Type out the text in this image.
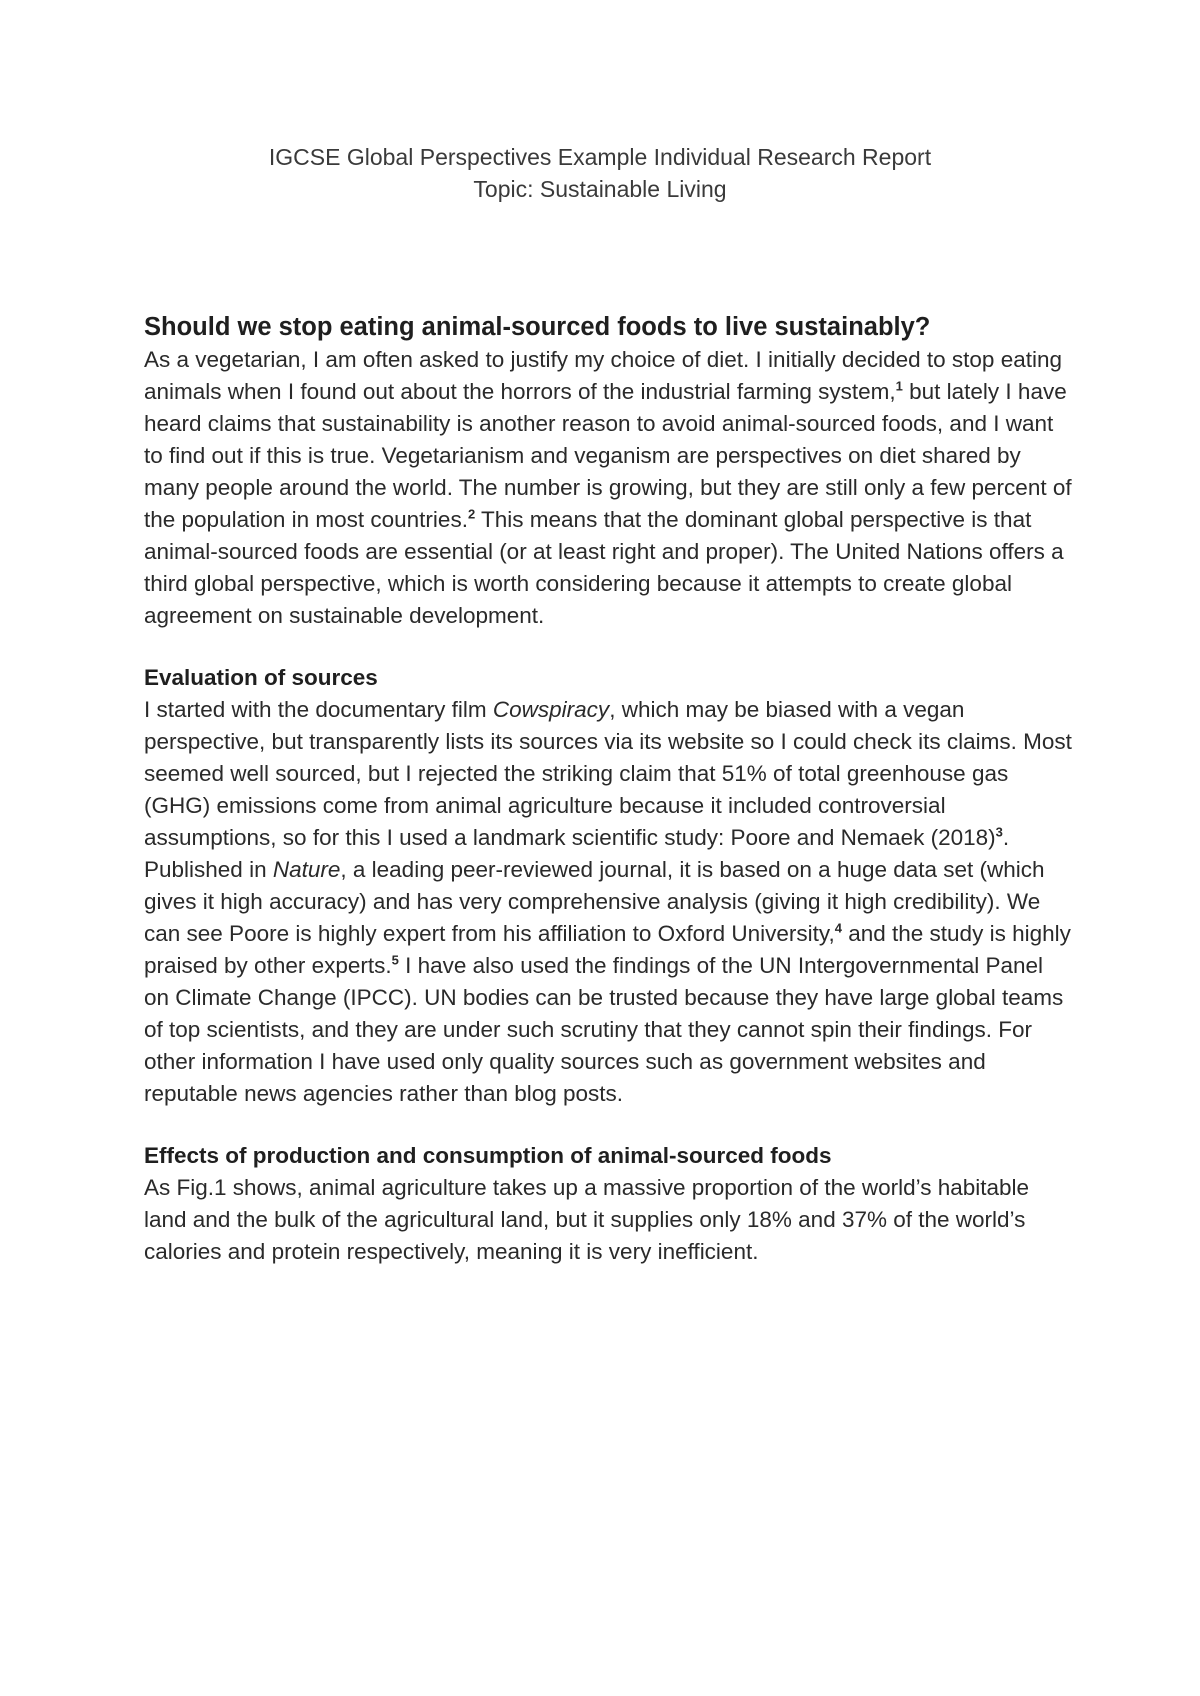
IGCSE Global Perspectives Example Individual Research Report
Topic: Sustainable Living
Should we stop eating animal-sourced foods to live sustainably?

As a vegetarian, I am often asked to justify my choice of diet. I initially decided to stop eating animals when I found out about the horrors of the industrial farming system,$^1$ but lately I have heard claims that sustainability is another reason to avoid animal-sourced foods, and I want to find out if this is true. Vegetarianism and veganism are perspectives on diet shared by many people around the world. The number is growing, but they are still only a few percent of the population in most countries.$^2$ This means that the dominant global perspective is that animal-sourced foods are essential (or at least right and proper). The United Nations offers a third global perspective, which is worth considering because it attempts to create global agreement on sustainable development.

Evaluation of sources

I started with the documentary film Cowspiracy, which may be biased with a vegan perspective, but transparently lists its sources via its website so I could check its claims. Most seemed well sourced, but I rejected the striking claim that 51% of total greenhouse gas (GHG) emissions come from animal agriculture because it included controversial assumptions, so for this I used a landmark scientific study: Poore and Nemaek $(2018)^3$. Published in Nature, a leading peer-reviewed journal, it is based on a huge data set (which gives it high accuracy) and has very comprehensive analysis (giving it high credibility). We can see Poore is highly expert from his affiliation to Oxford University,$^4$ and the study is highly praised by other experts.$^5$ I have also used the findings of the UN Intergovernmental Panel on Climate Change (IPCC). UN bodies can be trusted because they have large global teams of top scientists, and they are under such scrutiny that they cannot spin their findings. For other information I have used only quality sources such as government websites and reputable news agencies rather than blog posts.

Effects of production and consumption of animal-sourced foods

As Fig.1 shows, animal agriculture takes up a massive proportion of the world’s habitable land and the bulk of the agricultural land, but it supplies only 18% and 37% of the world’s calories and protein respectively, meaning it is very inefficient.
